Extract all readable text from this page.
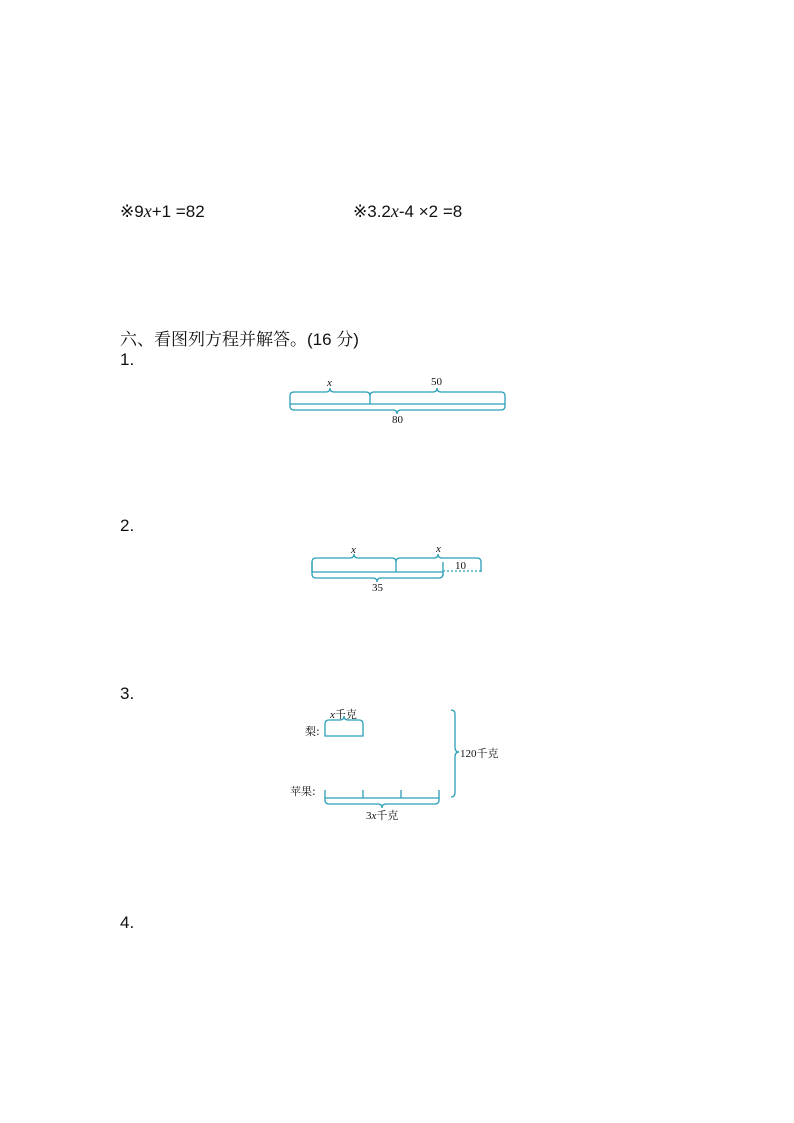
※9x+1 =82	※3.2x-4 ×2 =8
六、看图列方程并解答。(16 分)
1.
2.
3.
4.
x	50
80
x	x
10
35
x千克
梨:
苹果:
3x千克
120千克
